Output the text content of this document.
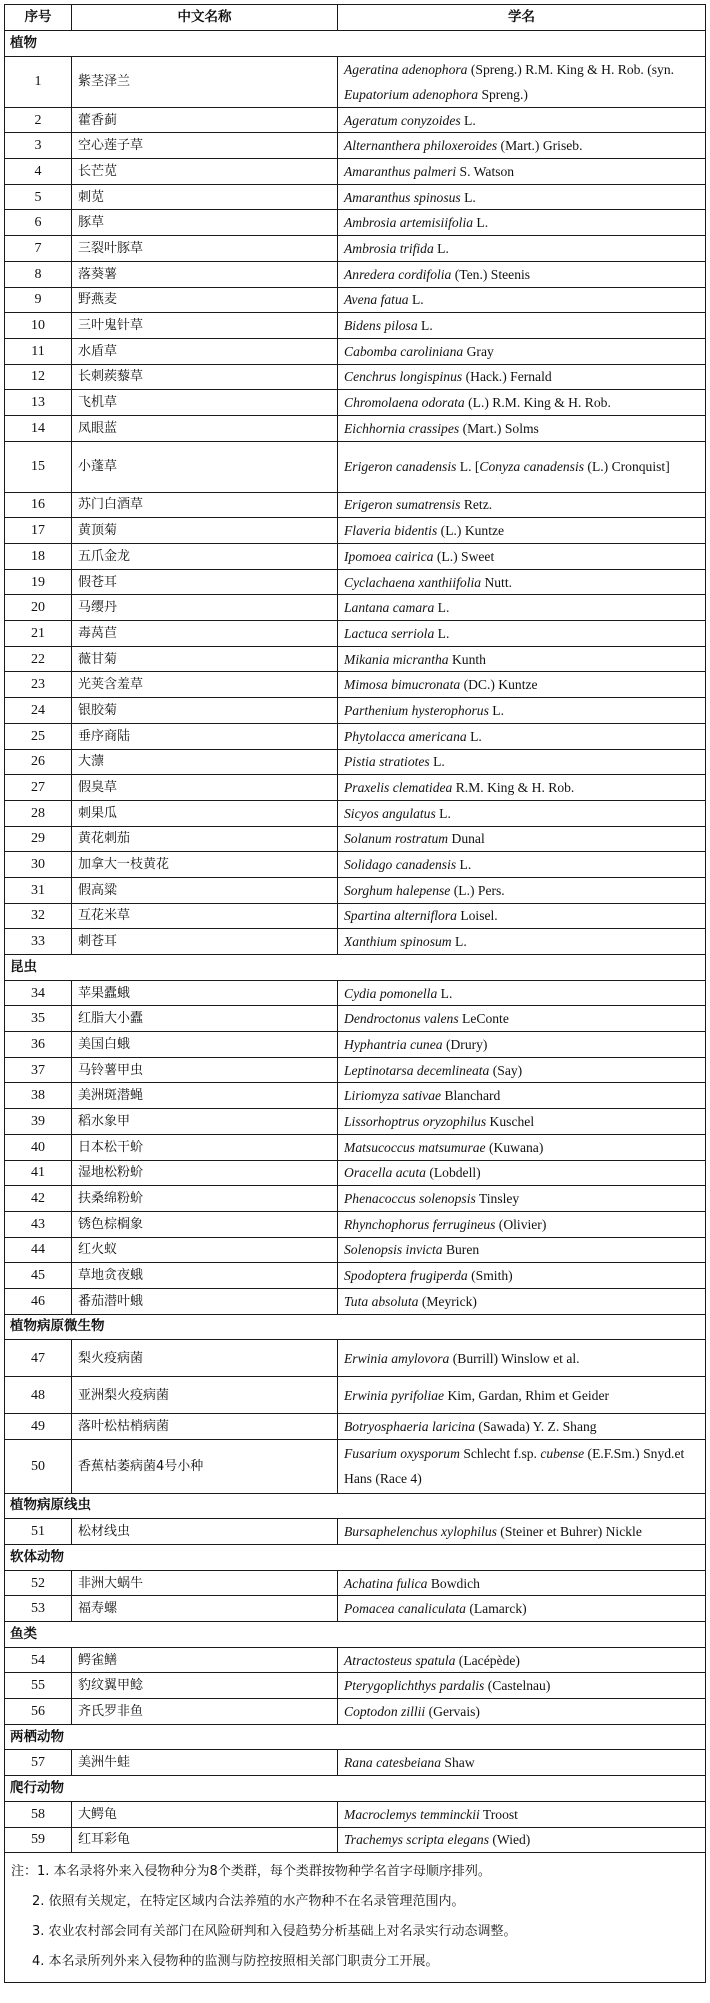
序号	中文名称	学名
植物		
1	紫茎泽兰	Ageratina adenophora (Spreng.) R.M. King & H. Rob. (syn. Eupatorium adenophora Spreng.)
2	藿香蓟	Ageratum conyzoides L.
3	空心莲子草	Alternanthera philoxeroides (Mart.) Griseb.
4	长芒苋	Amaranthus palmeri S. Watson
5	刺苋	Amaranthus spinosus L.
6	豚草	Ambrosia artemisiifolia L.
7	三裂叶豚草	Ambrosia trifida L.
8	落葵薯	Anredera cordifolia (Ten.) Steenis
9	野燕麦	Avena fatua L.
10	三叶鬼针草	Bidens pilosa L.
11	水盾草	Cabomba caroliniana Gray
12	长刺蒺藜草	Cenchrus longispinus (Hack.) Fernald
13	飞机草	Chromolaena odorata (L.) R.M. King & H. Rob.
14	凤眼蓝	Eichhornia crassipes (Mart.) Solms
15	小蓬草	Erigeron canadensis L. [Conyza canadensis (L.) Cronquist]
16	苏门白酒草	Erigeron sumatrensis Retz.
17	黄顶菊	Flaveria bidentis (L.) Kuntze
18	五爪金龙	Ipomoea cairica (L.) Sweet
19	假苍耳	Cyclachaena xanthiifolia Nutt.
20	马缨丹	Lantana camara L.
21	毒莴苣	Lactuca serriola L.
22	薇甘菊	Mikania micrantha Kunth
23	光荚含羞草	Mimosa bimucronata (DC.) Kuntze
24	银胶菊	Parthenium hysterophorus L.
25	垂序商陆	Phytolacca americana L.
26	大薸	Pistia stratiotes L.
27	假臭草	Praxelis clematidea R.M. King & H. Rob.
28	刺果瓜	Sicyos angulatus L.
29	黄花刺茄	Solanum rostratum Dunal
30	加拿大一枝黄花	Solidago canadensis L.
31	假高粱	Sorghum halepense (L.) Pers.
32	互花米草	Spartina alterniflora Loisel.
33	刺苍耳	Xanthium spinosum L.
昆虫		
34	苹果蠹蛾	Cydia pomonella L.
35	红脂大小蠹	Dendroctonus valens LeConte
36	美国白蛾	Hyphantria cunea (Drury)
37	马铃薯甲虫	Leptinotarsa decemlineata (Say)
38	美洲斑潜蝇	Liriomyza sativae Blanchard
39	稻水象甲	Lissorhoptrus oryzophilus Kuschel
40	日本松干蚧	Matsucoccus matsumurae (Kuwana)
41	湿地松粉蚧	Oracella acuta (Lobdell)
42	扶桑绵粉蚧	Phenacoccus solenopsis Tinsley
43	锈色棕榈象	Rhynchophorus ferrugineus (Olivier)
44	红火蚁	Solenopsis invicta Buren
45	草地贪夜蛾	Spodoptera frugiperda (Smith)
46	番茄潜叶蛾	Tuta absoluta (Meyrick)
植物病原微生物		
47	梨火疫病菌	Erwinia amylovora (Burrill) Winslow et al.
48	亚洲梨火疫病菌	Erwinia pyrifoliae Kim, Gardan, Rhim et Geider
49	落叶松枯梢病菌	Botryosphaeria laricina (Sawada) Y. Z. Shang
50	香蕉枯萎病菌4号小种	Fusarium oxysporum Schlecht f.sp. cubense (E.F.Sm.) Snyd.et Hans (Race 4)
植物病原线虫		
51	松材线虫	Bursaphelenchus xylophilus (Steiner et Buhrer) Nickle
软体动物		
52	非洲大蜗牛	Achatina fulica Bowdich
53	福寿螺	Pomacea canaliculata (Lamarck)
鱼类		
54	鳄雀鳝	Atractosteus spatula (Lacépède)
55	豹纹翼甲鲶	Pterygoplichthys pardalis (Castelnau)
56	齐氏罗非鱼	Coptodon zillii (Gervais)
两栖动物		
57	美洲牛蛙	Rana catesbeiana Shaw
爬行动物		
58	大鳄龟	Macroclemys temminckii Troost
59	红耳彩龟	Trachemys scripta elegans (Wied)

注：1. 本名录将外来入侵物种分为8个类群，每个类群按物种学名首字母顺序排列。
2. 依照有关规定，在特定区域内合法养殖的水产物种不在名录管理范围内。
3. 农业农村部会同有关部门在风险研判和入侵趋势分析基础上对名录实行动态调整。
4. 本名录所列外来入侵物种的监测与防控按照相关部门职责分工开展。		
